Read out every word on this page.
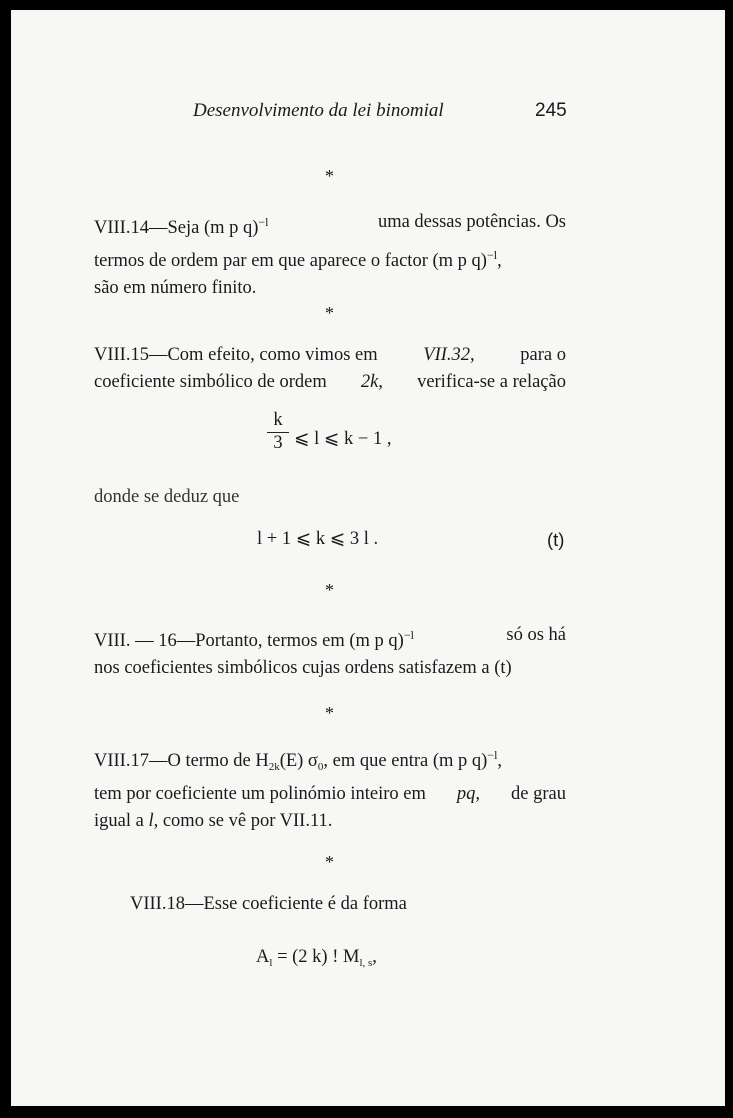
Desenvolvimento da lei binomial	245
*
VIII.14—Seja (m p q)−l	uma dessas potências. Os
termos de ordem par em que aparece o factor (m p q)−l,
são em número finito.
*
VIII.15—Com efeito, como vimos em VII.32, para o
coeficiente simbólico de ordem 2k, verifica-se a relação
k
3 ⩽ l ⩽ k − 1 ,
donde se deduz que
l + 1 ⩽ k ⩽ 3 l .	(t)
*
VIII. — 16—Portanto, termos em (m p q)−l	só os há
nos coeficientes simbólicos cujas ordens satisfazem a (t)
*
VIII.17—O termo de H2k(E) σ0, em que entra (m p q)−l,
tem por coeficiente um polinómio inteiro em pq, de grau
igual a l, como se vê por VII.11.
*
VIII.18—Esse coeficiente é da forma
$A_l = (2$ k) ! $M_{l, s}$,
